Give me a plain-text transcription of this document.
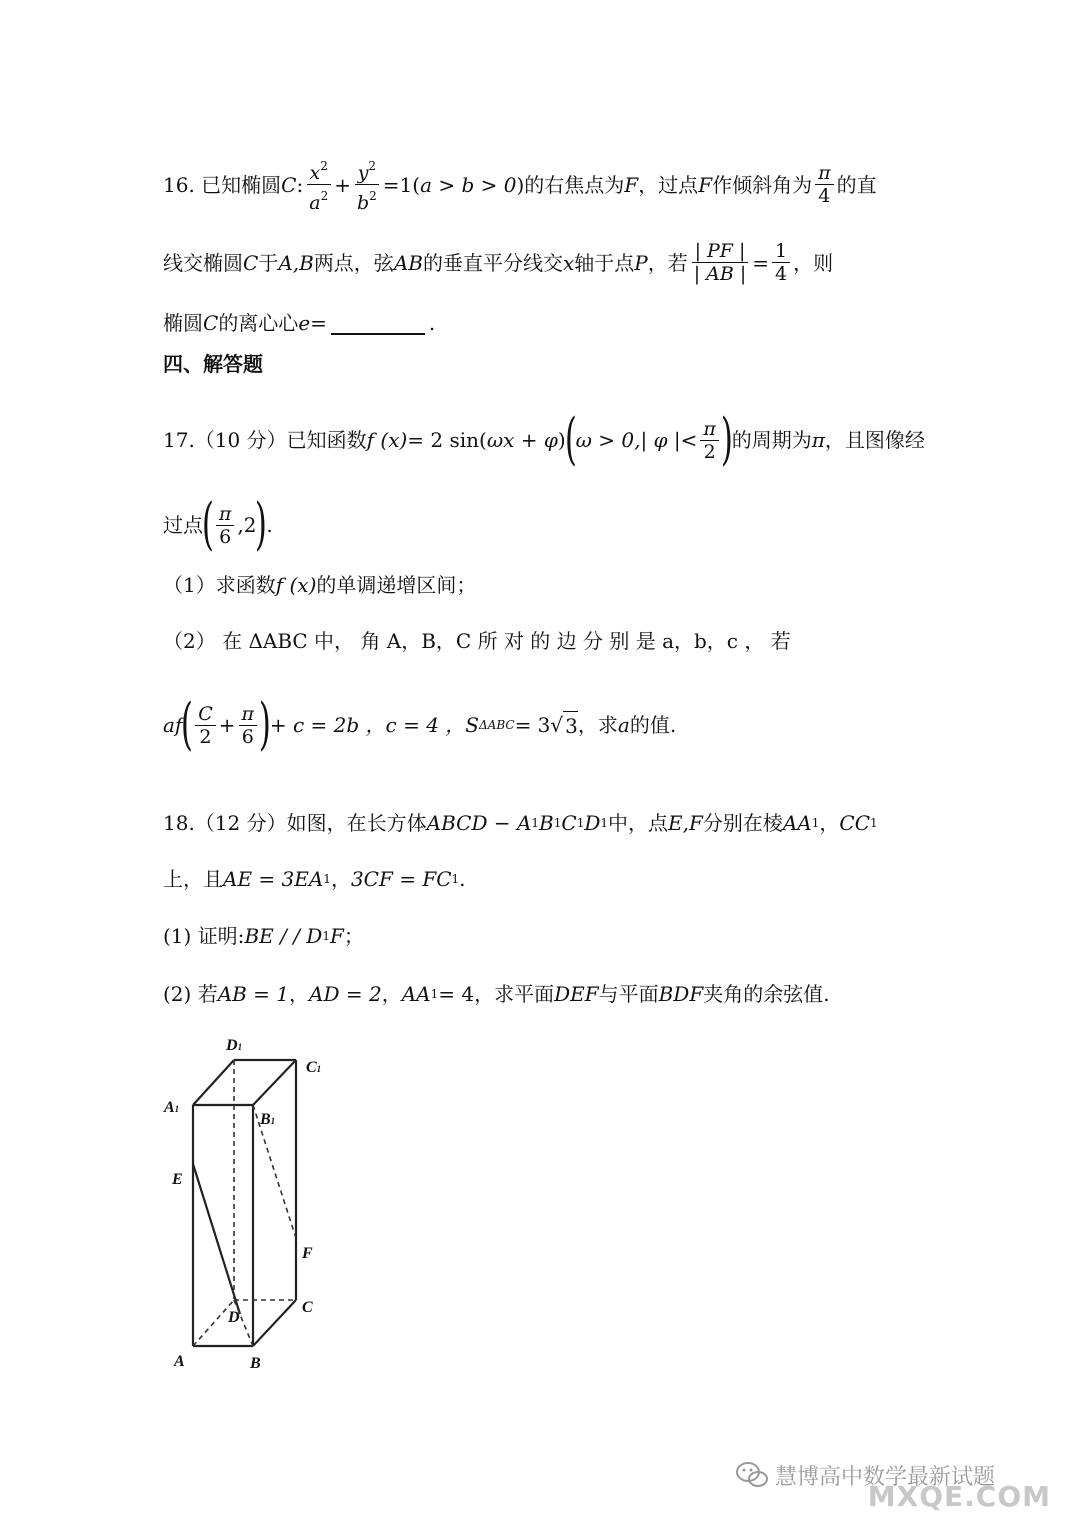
16. 已知椭圆 C : $\frac{x^2}{a^2} + \frac{y^2}{b^2} =1$( a > b > 0 ) 的右焦点为 F ，过点 F 作倾斜角为 $\frac{\pi}{4}$ 的直
线交椭圆 C 于 A,B 两点，弦 AB 的垂直平分线交 x 轴于点 P ，若 $\frac{| PF |}{| AB |} = \frac{1}{4}$ ，则
椭圆 C 的离心心 e =	.
四、解答题
17.（10 分）已知函数 f (x) = 2 sin( ωx + φ )
(
ω > 0,| φ |< $\frac{\pi}{2}$ )
的周期为 π ，且图像经
过点
( $\frac{\pi}{6} ,2$
)
.
（1）求函数 f (x) 的单调递增区间；
（2） 在 ΔABC 中， 角 A，B，C 所 对 的 边 分 别 是 a，b，c ， 若
af
( $\frac{C}{2} + \frac{\pi}{6}$ )
+ c = 2b ，c = 4 ， S ΔABC = 3 √ 3 ，求 a 的值.
18.（12 分）如图，在长方体 ABCD − A 1 B 1 C 1 D 1 中，点 E,F 分别在棱 AA 1 ， CC 1
上，且 AE = 3EA 1 ， 3CF = FC 1 .
(1) 证明: BE / / D 1 F ；
(2) 若 AB = 1 ， AD = 2 ， AA 1 = 4 ，求平面 DEF 与平面 BDF 夹角的余弦值.
D1
C1
A1
B1
E
F
C
D
A	B
慧博高中数学最新试题
MXQE.COM
